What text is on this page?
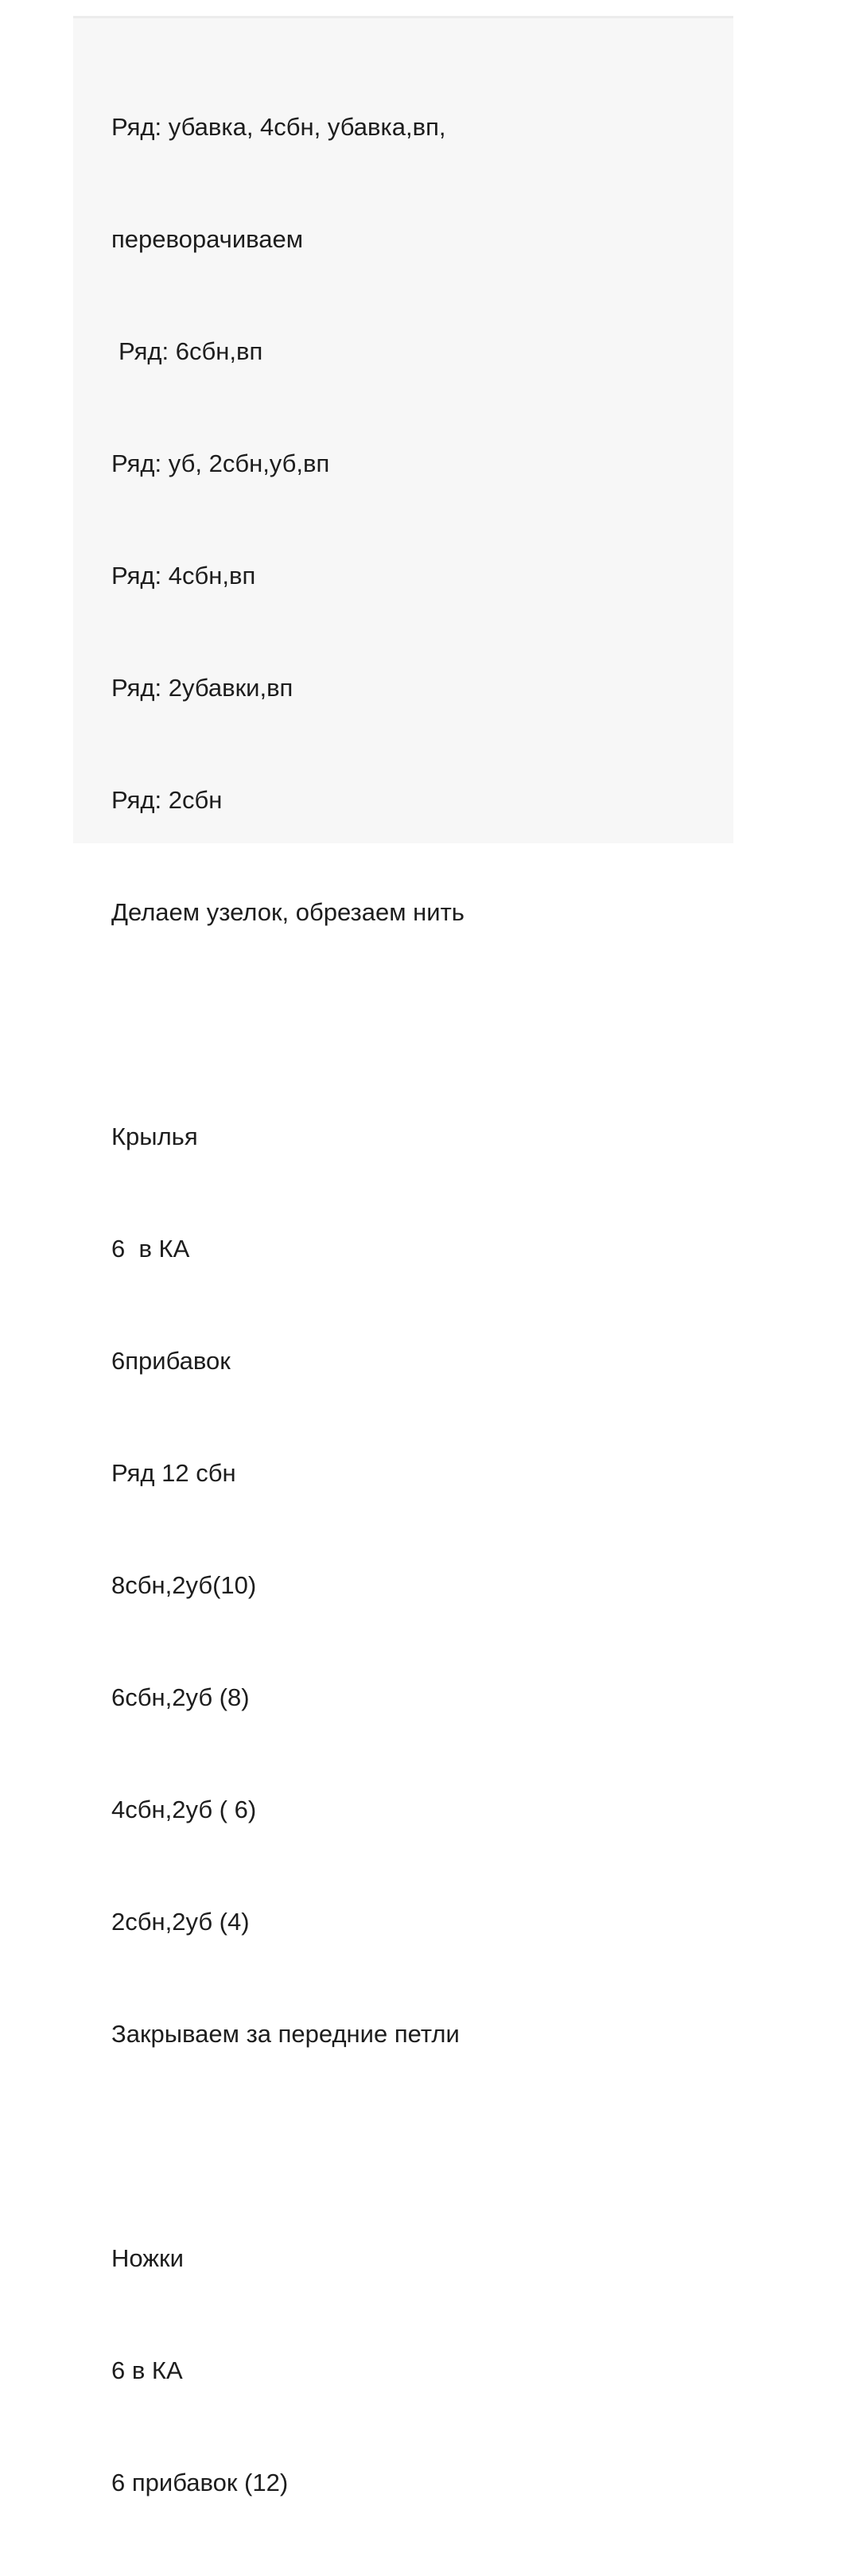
Ряд: убавка, 4сбн, убавка,вп,

переворачиваем

Ряд: 6сбн,вп

Ряд: уб, 2сбн,уб,вп

Ряд: 4сбн,вп

Ряд: 2убавки,вп

Ряд: 2сбн

Делаем узелок, обрезаем нить

Крылья

6  в КА

6прибавок

Ряд 12 сбн

8сбн,2уб(10)

6сбн,2уб (8)

4сбн,2уб ( 6)

2сбн,2уб (4)

Закрываем за передние петли

Ножки

6 в КА

6 прибавок (12)
